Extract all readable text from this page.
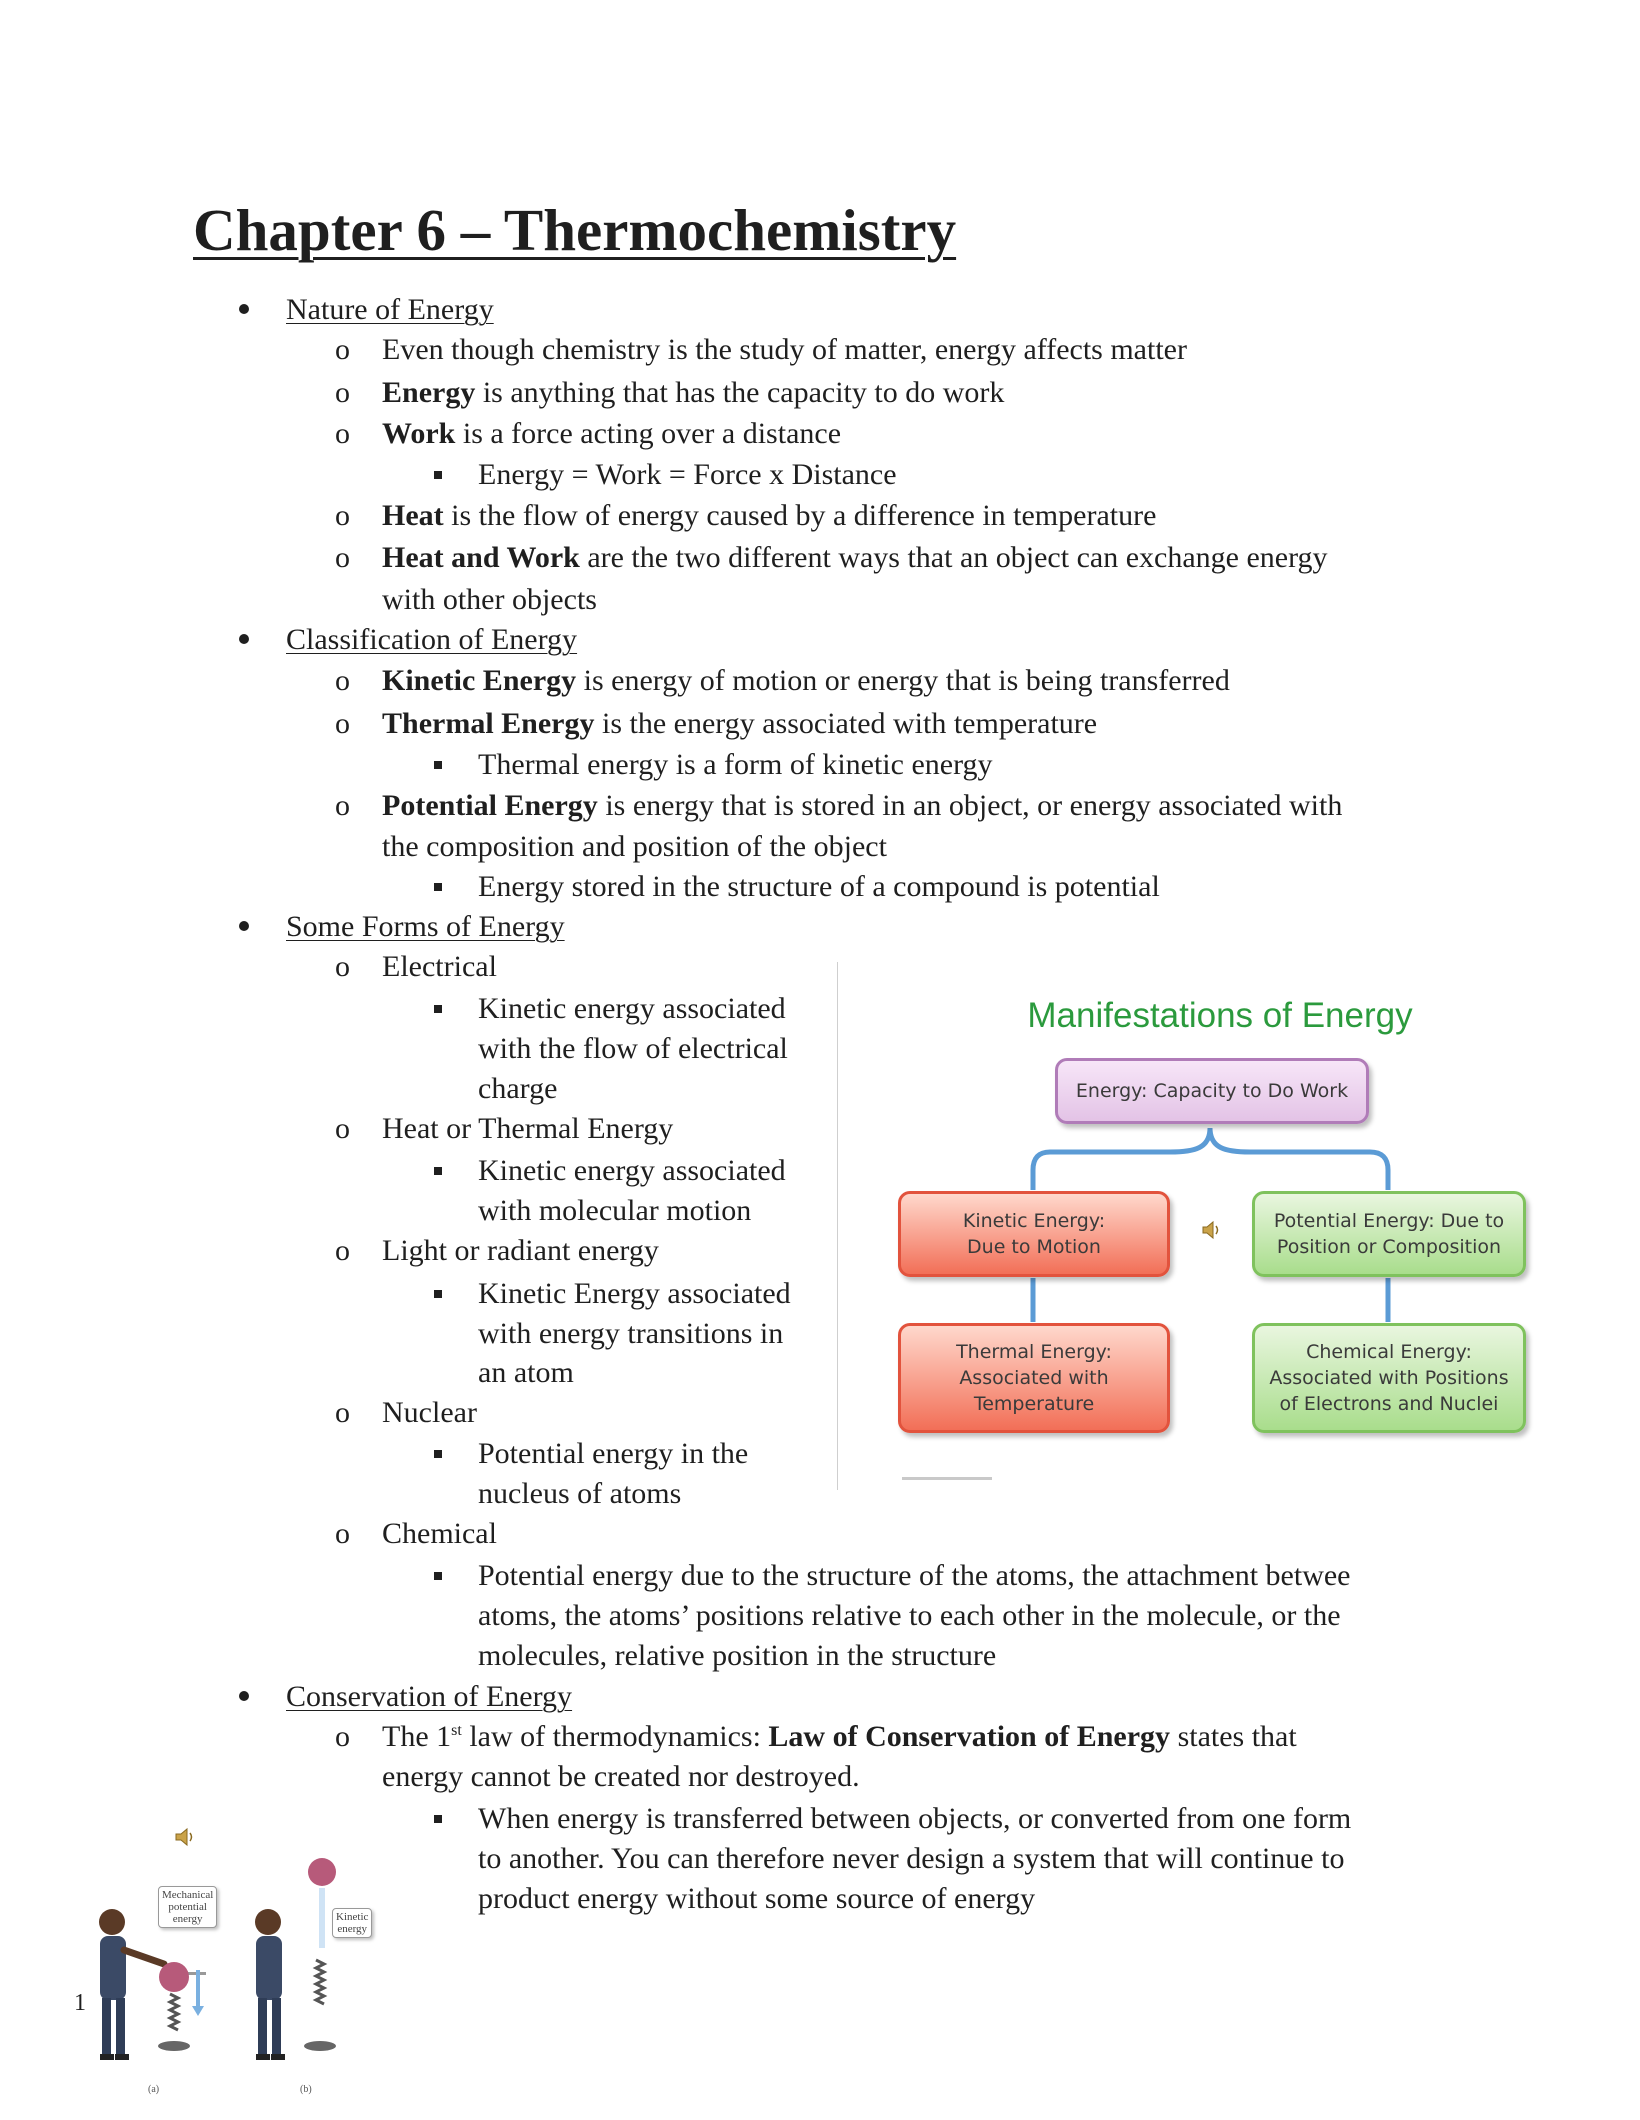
Chapter 6 – Thermochemistry
Nature of Energy
o Even though chemistry is the study of matter, energy affects matter
o Energy is anything that has the capacity to do work
o Work is a force acting over a distance
Energy = Work = Force x Distance
o Heat is the flow of energy caused by a difference in temperature
o Heat and Work are the two different ways that an object can exchange energy
with other objects
Classification of Energy
o Kinetic Energy is energy of motion or energy that is being transferred
o Thermal Energy is the energy associated with temperature
Thermal energy is a form of kinetic energy
o Potential Energy is energy that is stored in an object, or energy associated with
the composition and position of the object
Energy stored in the structure of a compound is potential
Some Forms of Energy
o Electrical
Kinetic energy associated
with the flow of electrical
charge
o Heat or Thermal Energy
Kinetic energy associated
with molecular motion
o Light or radiant energy
Kinetic Energy associated
with energy transitions in
an atom
o Nuclear
Potential energy in the
nucleus of atoms
o Chemical
Potential energy due to the structure of the atoms, the attachment betwee
atoms, the atoms’ positions relative to each other in the molecule, or the
molecules, relative position in the structure
Conservation of Energy
o The 1st law of thermodynamics: Law of Conservation of Energy states that
energy cannot be created nor destroyed.
When energy is transferred between objects, or converted from one form
to another. You can therefore never design a system that will continue to
product energy without some source of energy
Manifestations of Energy
Energy: Capacity to Do Work
Kinetic Energy:
Due to Motion
Potential Energy: Due to
Position or Composition
Thermal Energy:
Associated with
Temperature
Chemical Energy:
Associated with Positions
of Electrons and Nuclei
1
Mechanical
potential
energy	Kinetic
energy
(a)	(b)
